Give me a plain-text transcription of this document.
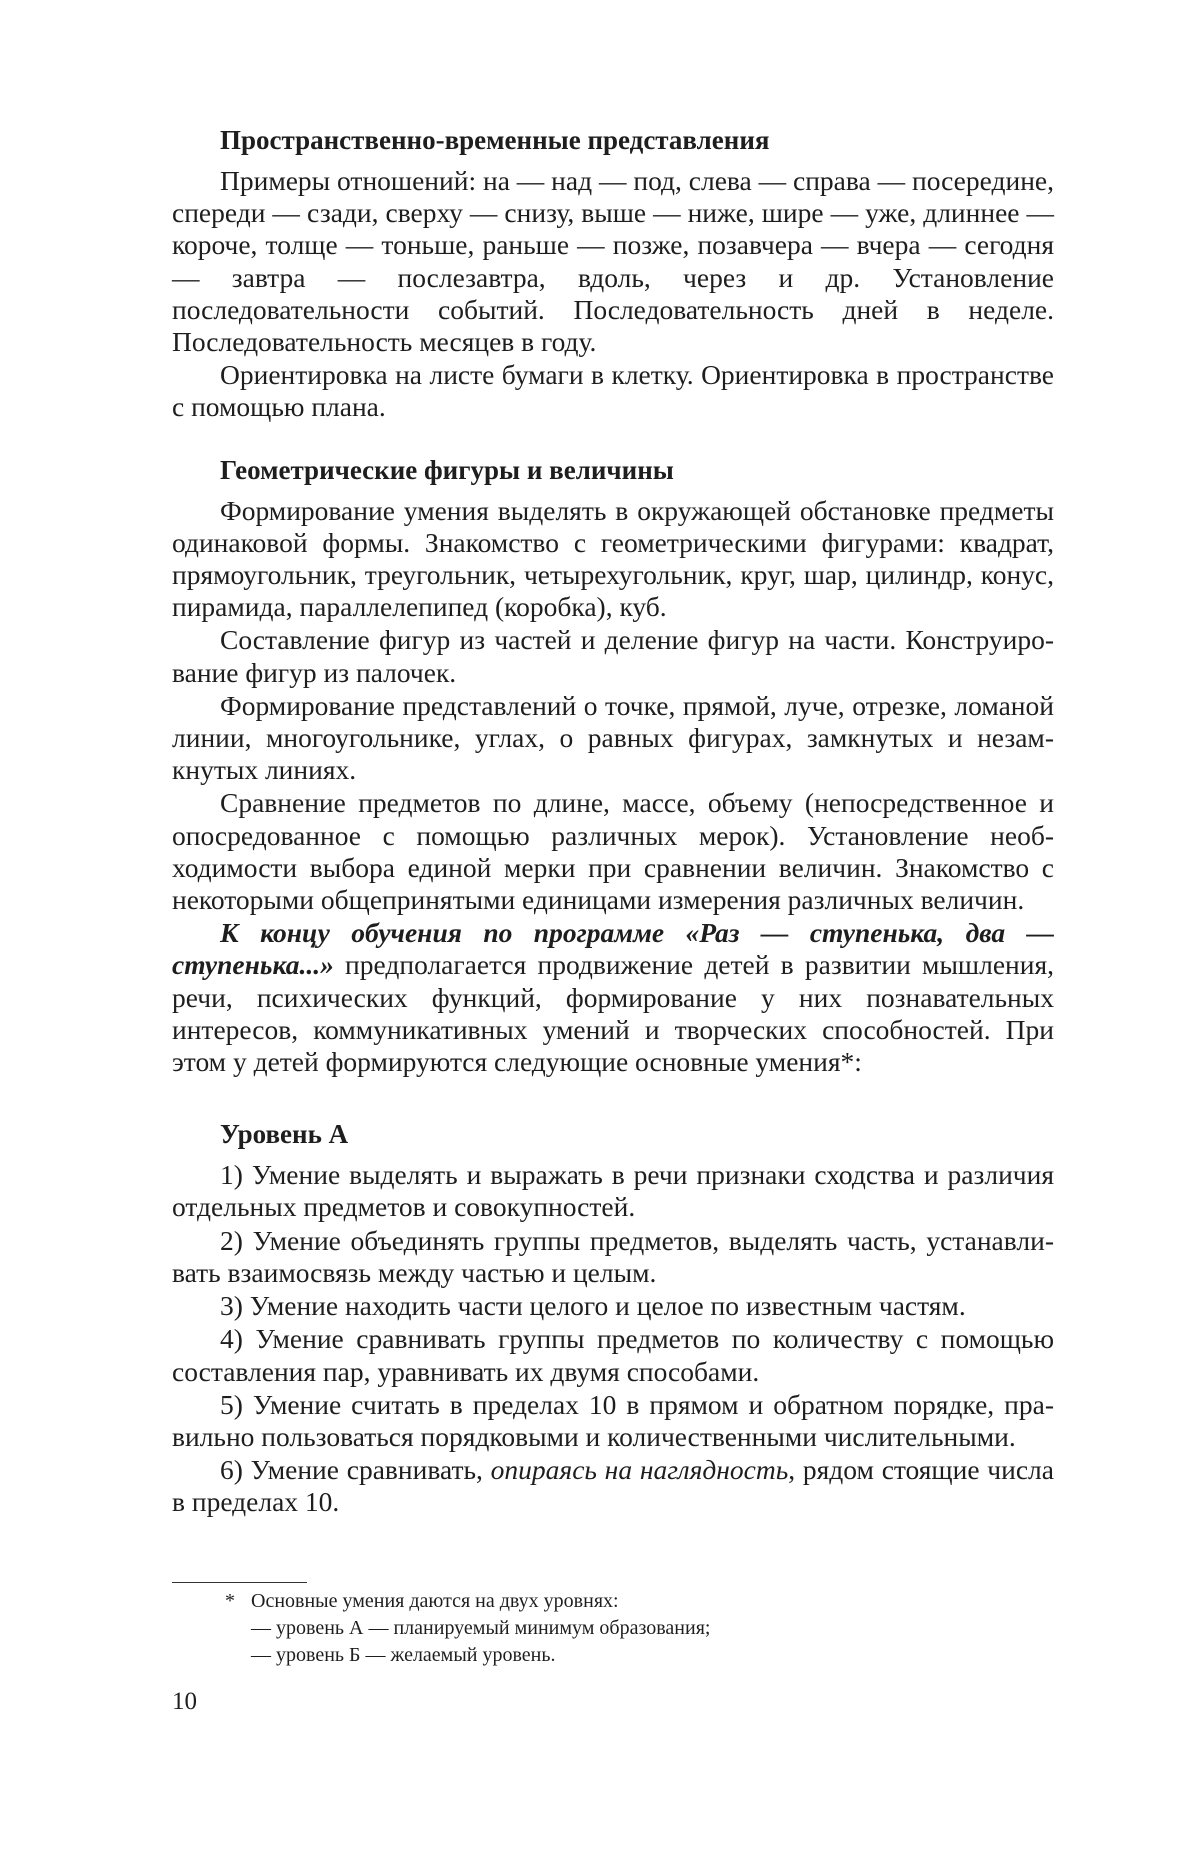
Пространственно-временные представления

Примеры отношений: на — над — под, слева — справа — посередине, спереди — сзади, сверху — снизу, выше — ниже, шире — уже, длиннее — короче, толще — тоньше, раньше — позже, позавчера — вчера — сегодня — завтра — послезавтра, вдоль, через и др. Установление последовательности событий. Последовательность дней в неделе. Последовательность месяцев в году.

Ориентировка на листе бумаги в клетку. Ориентировка в пространстве с помощью плана.

Геометрические фигуры и величины

Формирование умения выделять в окружающей обстановке предметы одинаковой формы. Знакомство с геометрическими фигурами: квадрат, прямоугольник, треугольник, четырехугольник, круг, шар, цилиндр, конус, пирамида, параллелепипед (коробка), куб.

Составление фигур из частей и деление фигур на части. Конструирование фигур из палочек.

Формирование представлений о точке, прямой, луче, отрезке, ломаной линии, многоугольнике, углах, о равных фигурах, замкнутых и незамкнутых линиях.

Сравнение предметов по длине, массе, объему (непосредственное и опосредованное с помощью различных мерок). Установление необходимости выбора единой мерки при сравнении величин. Знакомство с некоторыми общепринятыми единицами измерения различных величин.

К концу обучения по программе «Раз — ступенька, два — ступенька...» предполагается продвижение детей в развитии мышления, речи, психических функций, формирование у них познавательных интересов, коммуникативных умений и творческих способностей. При этом у детей формируются следующие основные умения*:

Уровень А

1) Умение выделять и выражать в речи признаки сходства и различия отдельных предметов и совокупностей.

2) Умение объединять группы предметов, выделять часть, устанавливать взаимосвязь между частью и целым.

3) Умение находить части целого и целое по известным частям.

4) Умение сравнивать группы предметов по количеству с помощью составления пар, уравнивать их двумя способами.

5) Умение считать в пределах 10 в прямом и обратном порядке, правильно пользоваться порядковыми и количественными числительными.

6) Умение сравнивать, опираясь на наглядность, рядом стоящие числа в пределах 10.

* Основные умения даются на двух уровнях:
— уровень А — планируемый минимум образования;
— уровень Б — желаемый уровень.
10
